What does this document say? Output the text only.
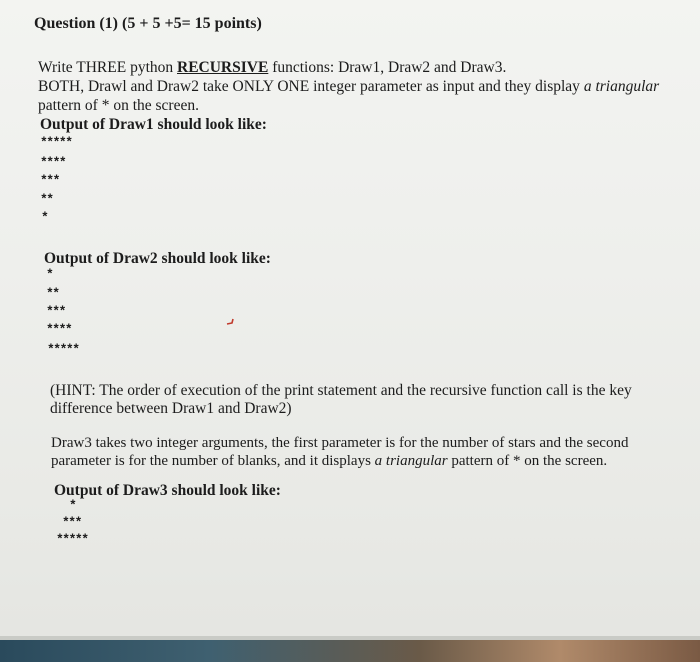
Question (1) (5 + 5 +5= 15 points)
Write THREE python RECURSIVE functions: Draw1, Draw2 and Draw3.
BOTH, Drawl and Draw2 take ONLY ONE integer parameter as input and they display a triangular
pattern of * on the screen.
Output of Draw1 should look like:
*****
****
***
**
*
Output of Draw2 should look like:
*
**
***
****
*****
(HINT: The order of execution of the print statement and the recursive function call is the key
difference between Draw1 and Draw2)
Draw3 takes two integer arguments, the first parameter is for the number of stars and the second
parameter is for the number of blanks, and it displays a triangular pattern of * on the screen.
Output of Draw3 should look like:
*
***
*****
